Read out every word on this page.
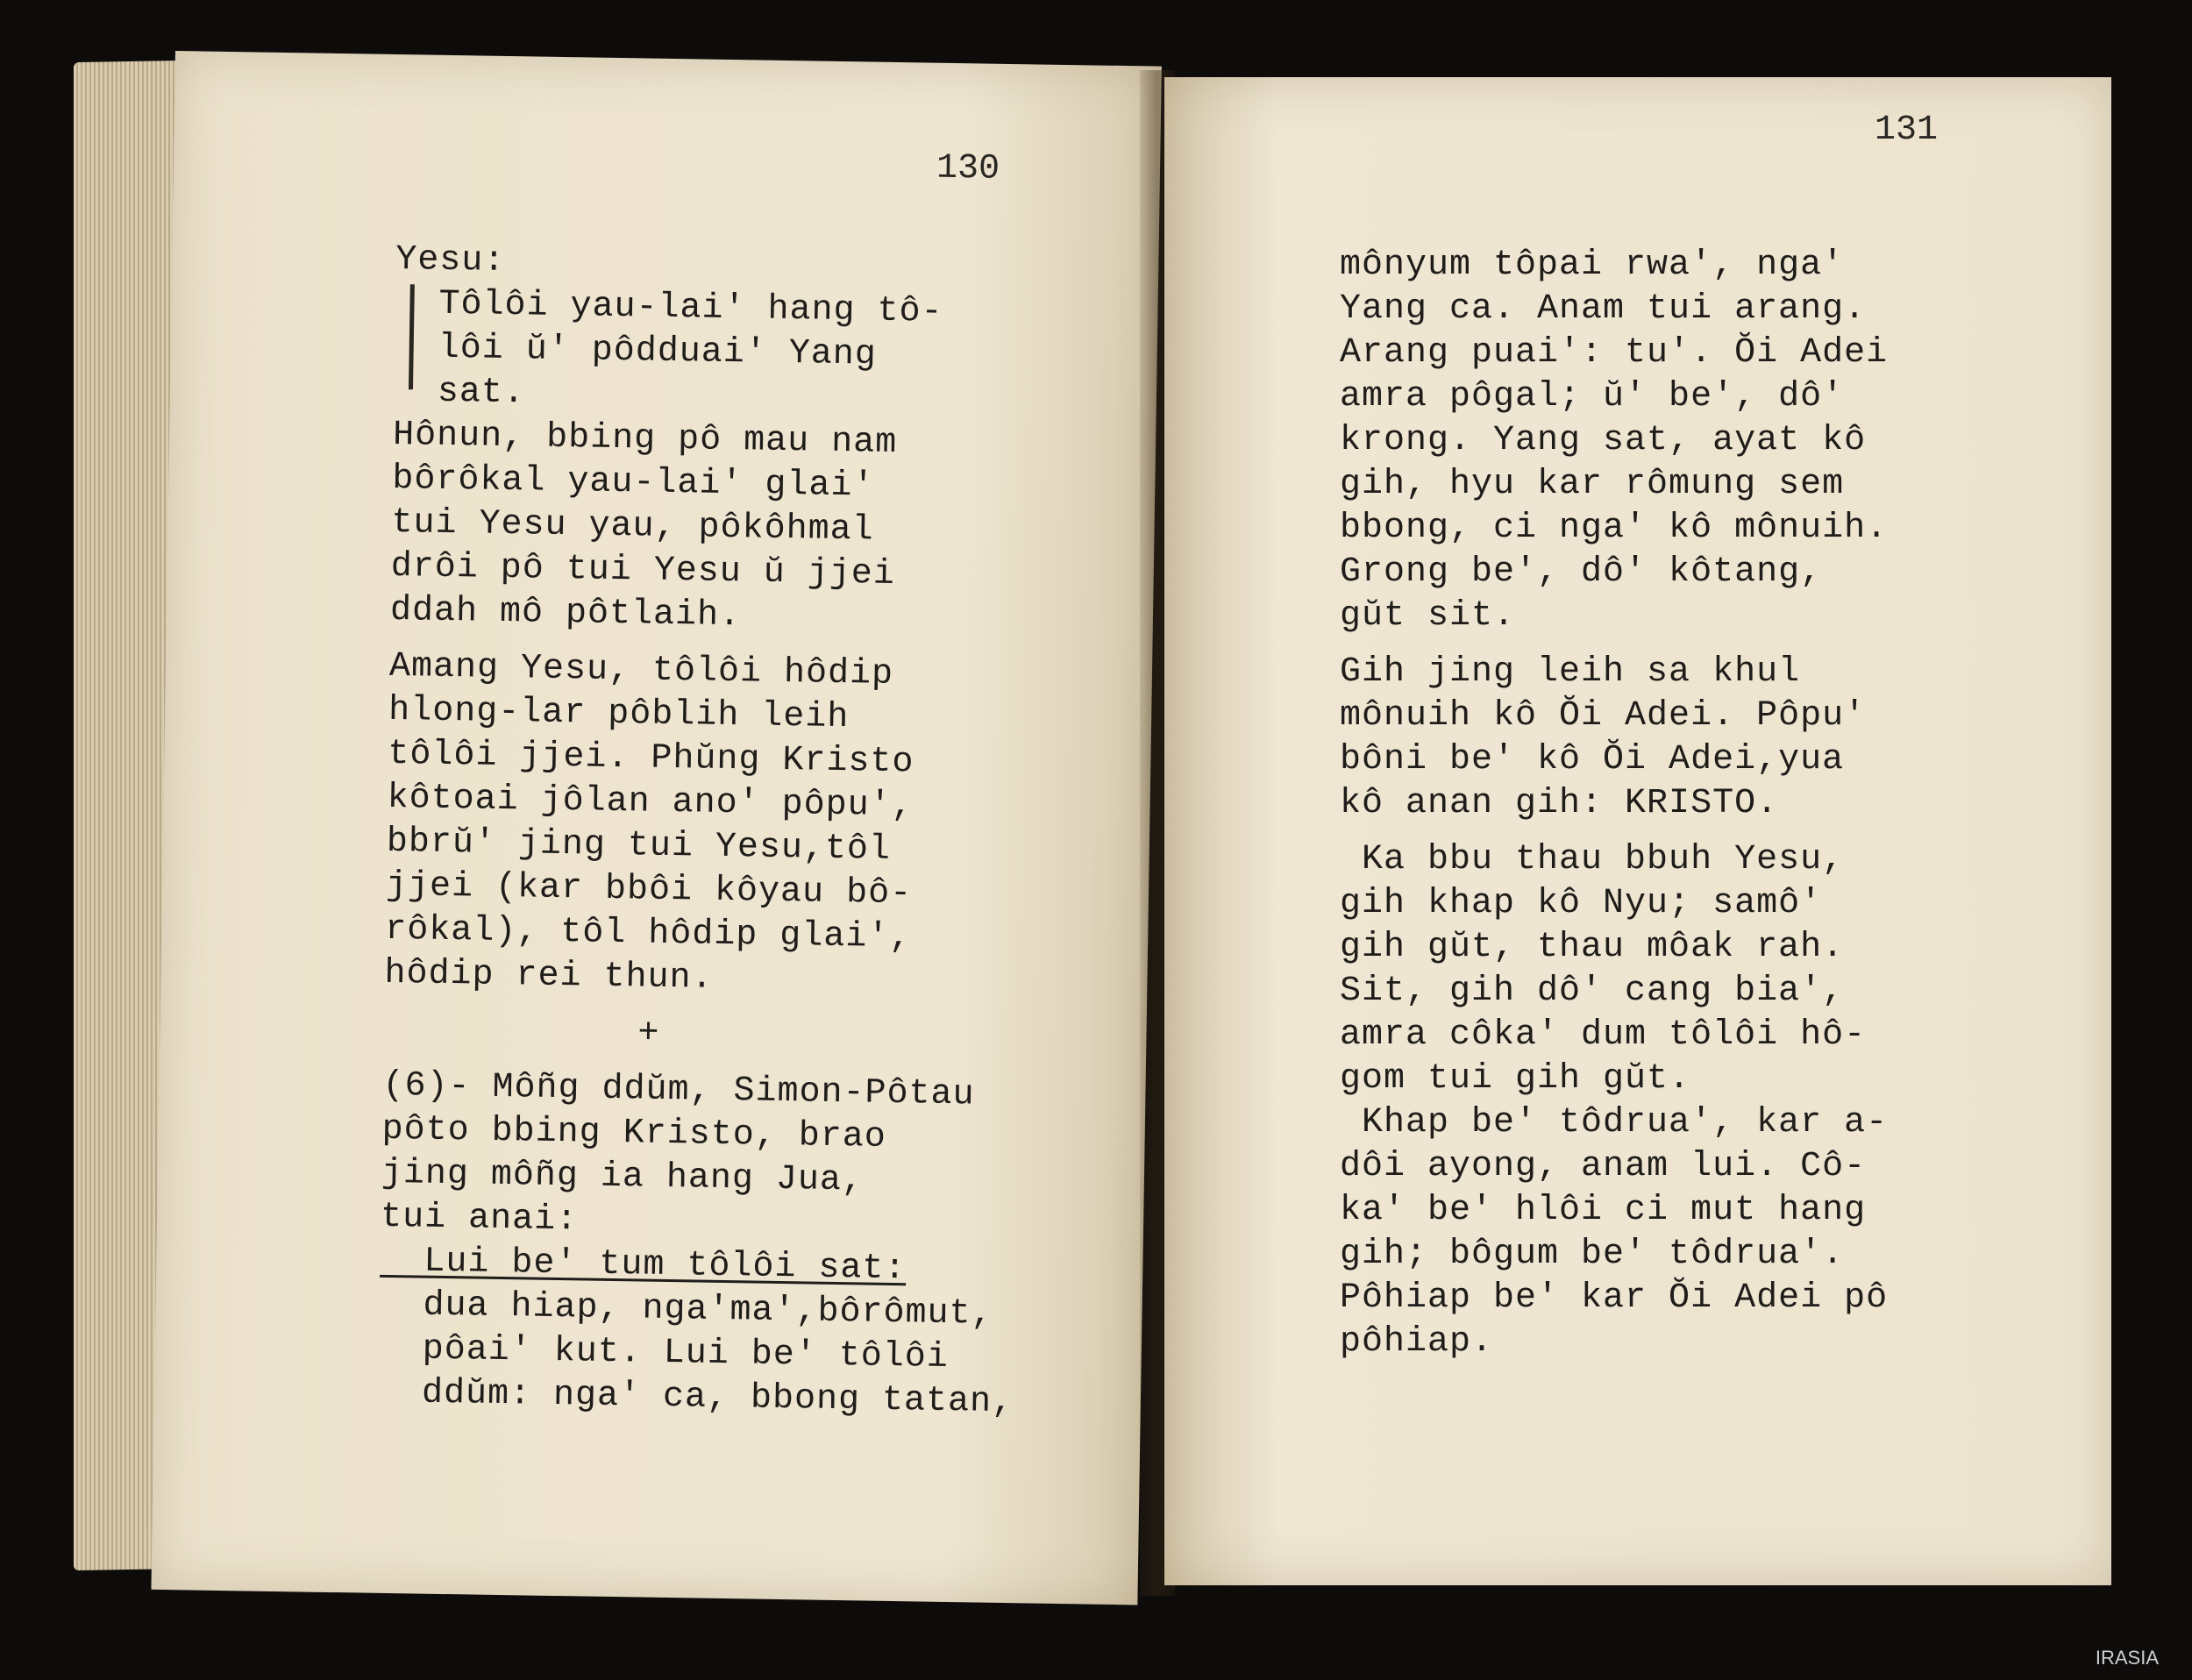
130
Yesu:
Tôlôi yau-lai' hang tô-
lôi ŭ' pôdduai' Yang
sat.
Hônun, bbing pô mau nam
bôrôkal yau-lai' glai'
tui Yesu yau, pôkôhmal
drôi pô tui Yesu ŭ jjei
ddah mô pôtlaih.
Amang Yesu, tôlôi hôdip
hlong-lar pôblih leih
tôlôi jjei. Phŭng Kristo
kôtoai jôlan ano' pôpu',
bbrŭ' jing tui Yesu,tôl
jjei (kar bbôi kôyau bô-
rôkal), tôl hôdip glai',
hôdip rei thun.
+
(6)- Môñg ddŭm, Simon-Pôtau
pôto bbing Kristo, brao
jing môñg ia hang Jua,
tui anai:
Lui be' tum tôlôi sat:
dua hiap, nga'ma',bôrômut,
pôai' kut. Lui be' tôlôi
ddŭm: nga' ca, bbong tatan,
131
mônyum tôpai rwa', nga'
Yang ca. Anam tui arang.
Arang puai': tu'. Ŏi Adei
amra pôgal; ŭ' be', dô'
krong. Yang sat, ayat kô
gih, hyu kar rômung sem
bbong, ci nga' kô mônuih.
Grong be', dô' kôtang,
gŭt sit.
Gih jing leih sa khul
mônuih kô Ŏi Adei. Pôpu'
bôni be' kô Ŏi Adei,yua
kô anan gih: KRISTO.
Ka bbu thau bbuh Yesu,
gih khap kô Nyu; samô'
gih gŭt, thau môak rah.
Sit, gih dô' cang bia',
amra côka' dum tôlôi hô-
gom tui gih gŭt.
Khap be' tôdrua', kar a-
dôi ayong, anam lui. Cô-
ka' be' hlôi ci mut hang
gih; bôgum be' tôdrua'.
Pôhiap be' kar Ŏi Adei pô
pôhiap.
IRASIA
